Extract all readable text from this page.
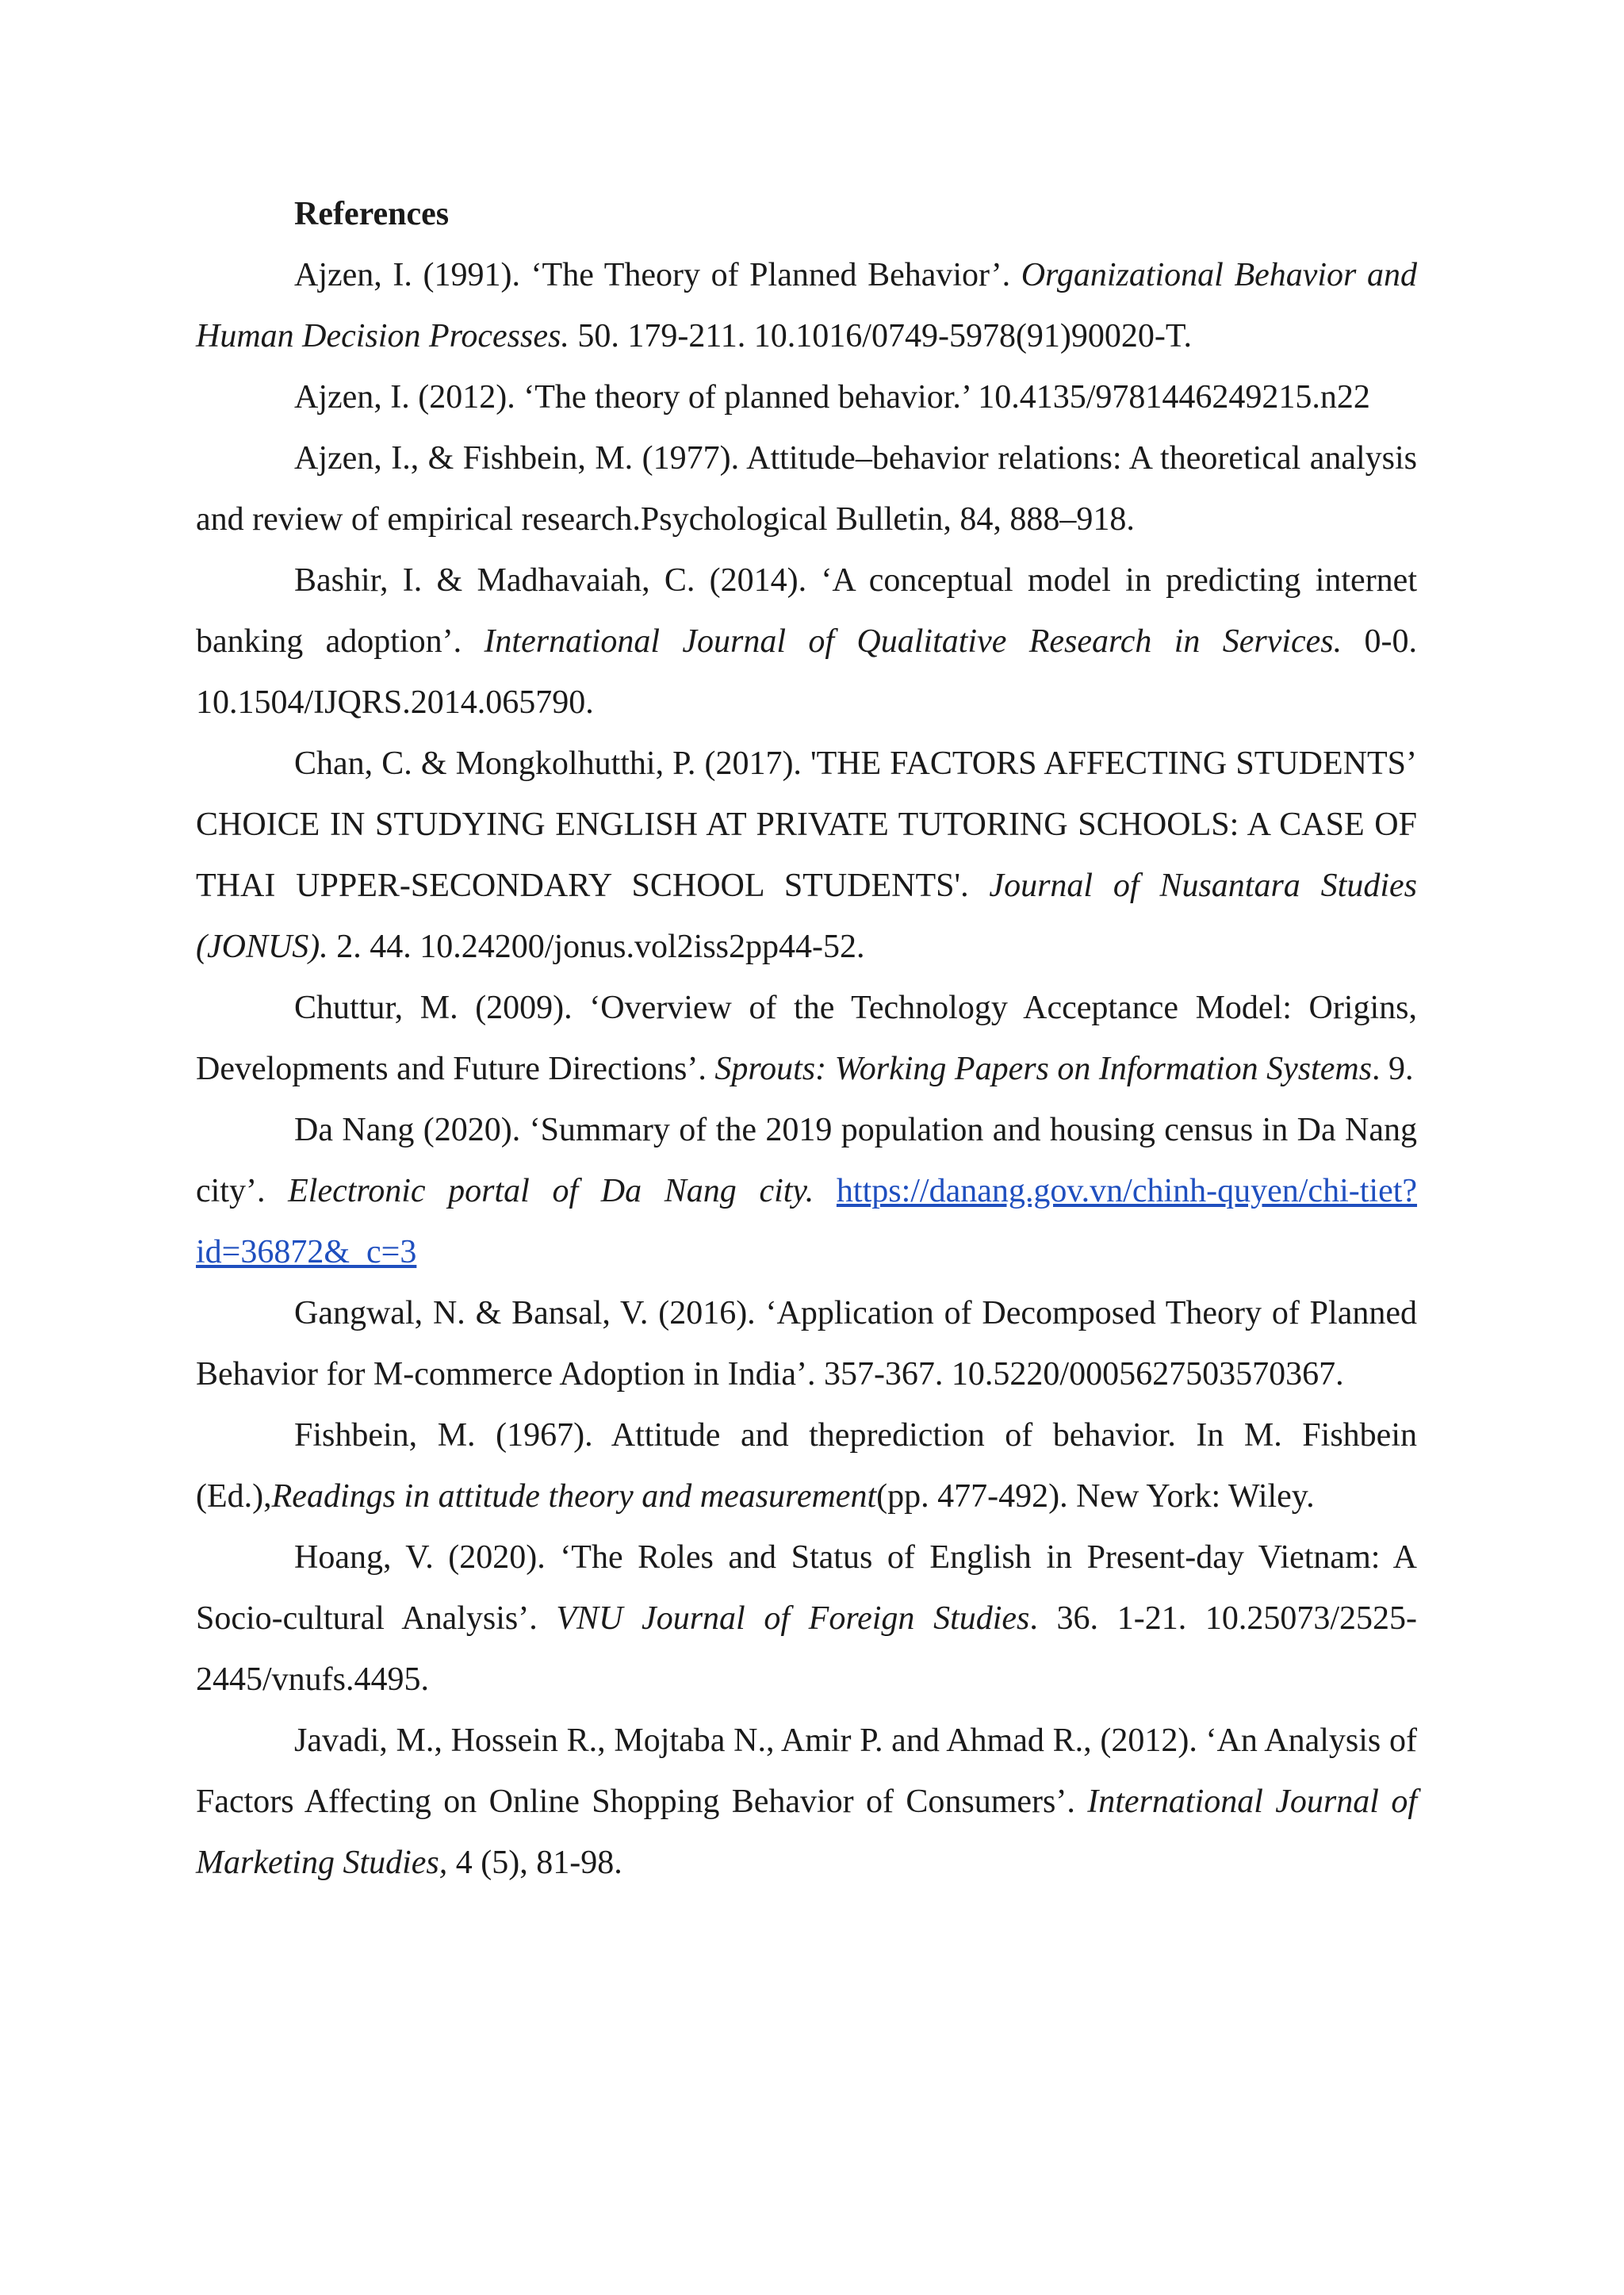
References

Ajzen, I. (1991). ‘The Theory of Planned Behavior’. Organizational Behavior and Human Decision Processes. 50. 179-211. 10.1016/0749-5978(91)90020-T.

Ajzen, I. (2012). ‘The theory of planned behavior.’ 10.4135/9781446249215.n22

Ajzen, I., & Fishbein, M. (1977). Attitude–behavior relations: A theoretical analysis and review of empirical research.Psychological Bulletin, 84, 888–918.

Bashir, I. & Madhavaiah, C. (2014). ‘A conceptual model in predicting internet banking adoption’. International Journal of Qualitative Research in Services. 0-0. 10.1504/IJQRS.2014.065790.

Chan, C. & Mongkolhutthi, P. (2017). 'THE FACTORS AFFECTING STUDENTS’ CHOICE IN STUDYING ENGLISH AT PRIVATE TUTORING SCHOOLS: A CASE OF THAI UPPER-SECONDARY SCHOOL STUDENTS'. Journal of Nusantara Studies (JONUS). 2. 44. 10.24200/jonus.vol2iss2pp44-52.

Chuttur, M. (2009). ‘Overview of the Technology Acceptance Model: Origins, Developments and Future Directions’. Sprouts: Working Papers on Information Systems. 9.

Da Nang (2020). ‘Summary of the 2019 population and housing census in Da Nang city’. Electronic portal of Da Nang city. https://danang.gov.vn/chinh-quyen/chi-tiet?id=36872&_c=3

Gangwal, N. & Bansal, V. (2016). ‘Application of Decomposed Theory of Planned Behavior for M-commerce Adoption in India’. 357-367. 10.5220/0005627503570367.

Fishbein, M. (1967). Attitude and theprediction of behavior. In M. Fishbein (Ed.),Readings in attitude theory and measurement(pp. 477-492). New York: Wiley.

Hoang, V. (2020). ‘The Roles and Status of English in Present-day Vietnam: A Socio-cultural Analysis’. VNU Journal of Foreign Studies. 36. 1-21. 10.25073/2525-2445/vnufs.4495.

Javadi, M., Hossein R., Mojtaba N., Amir P. and Ahmad R., (2012). ‘An Analysis of Factors Affecting on Online Shopping Behavior of Consumers’. International Journal of Marketing Studies, 4 (5), 81-98.
